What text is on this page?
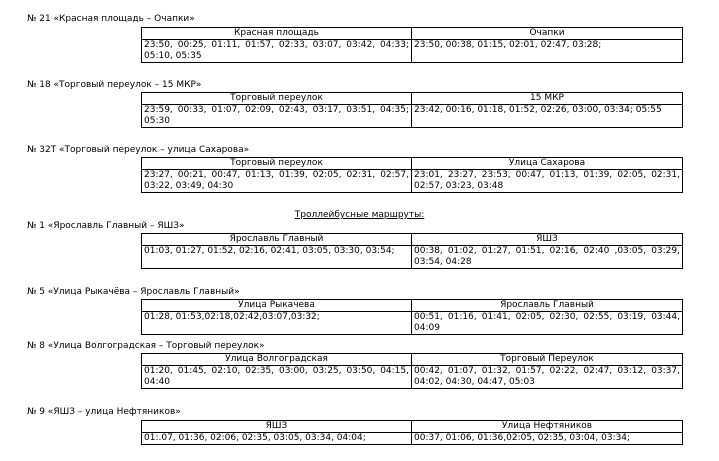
№ 21 «Красная площадь – Очапки»
Красная площадь	Очапки
23:50, 00:25, 01:11, 01:57, 02:33, 03:07, 03:42, 04:33; 05:10, 05:35	23:50, 00:38, 01:15, 02:01, 02:47, 03:28;
№ 18 «Торговый переулок – 15 МКР»
Торговый переулок	15 МКР
23:59, 00:33, 01:07, 02:09, 02:43, 03:17, 03:51, 04:35; 05:30	23:42, 00:16, 01:18, 01:52, 02:26, 03:00, 03:34; 05:55
№ 32Т «Торговый переулок – улица Сахарова»
Торговый переулок	Улица Сахарова
23:27, 00:21, 00:47, 01:13, 01:39, 02:05, 02:31, 02:57, 03:22, 03:49, 04:30	23:01, 23:27, 23:53, 00:47, 01:13, 01:39, 02:05, 02:31, 02:57, 03:23, 03:48
Троллейбусные маршруты:
№ 1 «Ярославль Главный – ЯШЗ»
Ярославль Главный	ЯШЗ
01:03, 01:27, 01:52, 02:16, 02:41, 03:05, 03:30, 03:54;	00:38, 01:02, 01:27, 01:51, 02:16, 02:40 ,03:05, 03:29, 03:54, 04:28
№ 5 «Улица Рыкачёва – Ярославль Главный»
Улица Рыкачева	Ярославль Главный
01:28, 01:53,02:18,02:42,03:07,03:32;	00:51, 01:16, 01:41, 02:05, 02:30, 02:55, 03:19, 03:44, 04:09
№ 8 «Улица Волгоградская – Торговый переулок»
Улица Волгоградская	Торговый Переулок
01:20, 01:45, 02:10, 02:35, 03:00, 03:25, 03:50, 04:15, 04:40	00:42, 01:07, 01:32, 01:57, 02:22, 02:47, 03:12, 03:37, 04:02, 04:30, 04:47, 05:03
№ 9 «ЯШЗ – улица Нефтяников»
ЯШЗ	Улица Нефтяников
01:.07, 01:36, 02:06, 02:35, 03:05, 03:34, 04:04;	00:37, 01:06, 01:36,02:05, 02:35, 03:04, 03:34;
